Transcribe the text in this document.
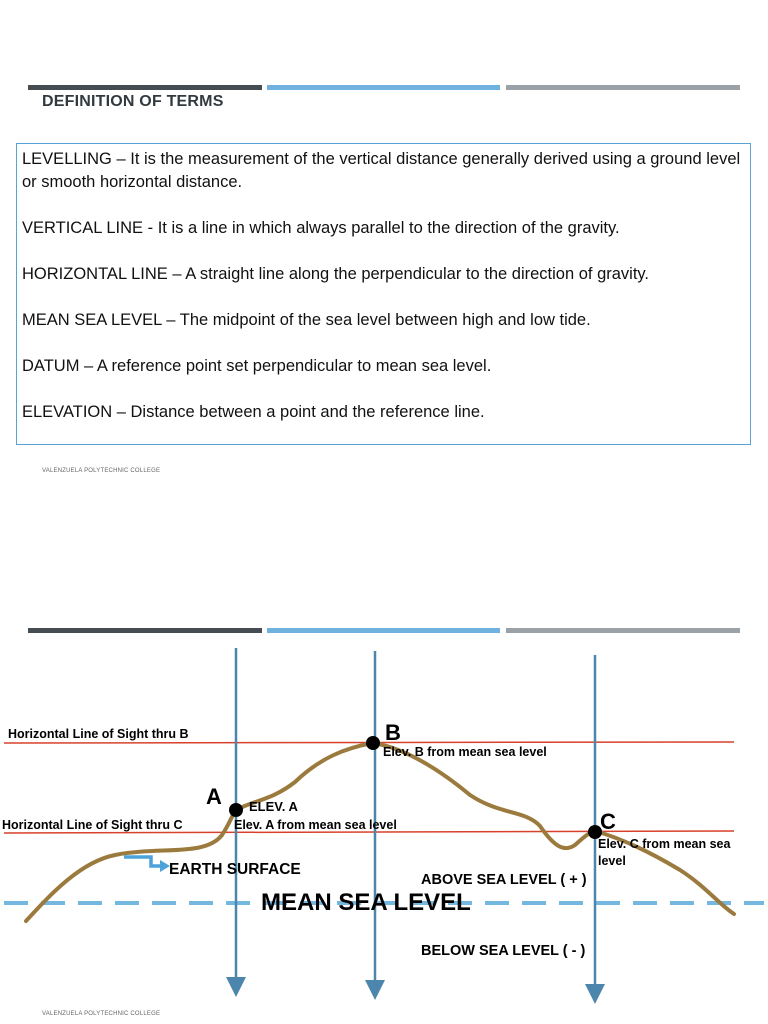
DEFINITION OF TERMS
LEVELLING – It is the measurement of the vertical distance generally derived using a ground level or smooth horizontal distance.
VERTICAL LINE - It is a line in which always parallel to the direction of the gravity.
HORIZONTAL LINE – A straight line along the perpendicular to the direction of gravity.
MEAN SEA LEVEL – The midpoint of the sea level between high and low tide.
DATUM – A reference point set perpendicular to mean sea level.
ELEVATION – Distance between a point and the reference line.
VALENZUELA POLYTECHNIC COLLEGE
Horizontal Line of Sight thru B
Horizontal Line of Sight thru C
A
B
C
ELEV. A
Elev. A from mean sea level
Elev. B from mean sea level
Elev. C from mean sea
level
EARTH SURFACE
MEAN SEA LEVEL
ABOVE SEA LEVEL ( + )
BELOW SEA LEVEL ( - )
VALENZUELA POLYTECHNIC COLLEGE
